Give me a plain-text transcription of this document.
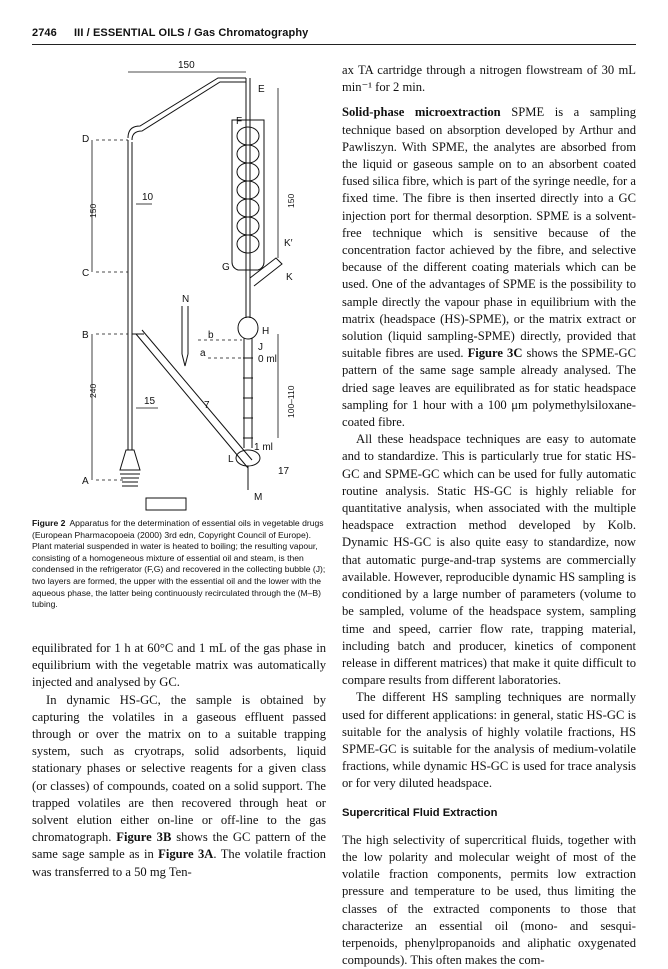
2746 III / ESSENTIAL OILS / Gas Chromatography
150
E
F
D
C
B
A
10
15	7
G
K′
K
N
H
J
b
a
0 ml
1 ml
L
17
M
150
240
150
100–110
Figure 2 Apparatus for the determination of essential oils in vegetable drugs (European Pharmacopoeia (2000) 3rd edn, Copyright Council of Europe). Plant material suspended in water is heated to boiling; the resulting vapour, consisting of a homogeneous mixture of essential oil and steam, is then condensed in the refrigerator (F,G) and recovered in the collecting bubble (J); two layers are formed, the upper with the essential oil and the lower with the aqueous phase, the latter being continuously recirculated through the (M–B) tubing.

equilibrated for 1 h at 60°C and 1 mL of the gas phase in equilibrium with the vegetable matrix was automatically injected and analysed by GC.

In dynamic HS-GC, the sample is obtained by capturing the volatiles in a gaseous effluent passed through or over the matrix on to a suitable trapping system, such as cryotraps, solid adsorbents, liquid stationary phases or selective reagents for a given class (or classes) of compounds, coated on a solid support. The trapped volatiles are then recovered through heat or solvent elution either on-line or off-line to the gas chromatograph. Figure 3B shows the GC pattern of the same sage sample as in Figure 3A. The volatile fraction was transferred to a 50 mg Ten-

ax TA cartridge through a nitrogen flowstream of 30 mL min⁻¹ for 2 min.

Solid-phase microextraction SPME is a sampling technique based on absorption developed by Arthur and Pawliszyn. With SPME, the analytes are absorbed from the liquid or gaseous sample on to an absorbent coated fused silica fibre, which is part of the syringe needle, for a fixed time. The fibre is then inserted directly into a GC injection port for thermal desorption. SPME is a solvent-free technique which is sensitive because of the concentration factor achieved by the fibre, and selective because of the different coating materials which can be used. One of the advantages of SPME is the possibility to sample directly the vapour phase in equilibrium with the matrix (headspace (HS)-SPME), or the matrix extract or solution (liquid sampling-SPME) directly, provided that suitable fibres are used. Figure 3C shows the SPME-GC pattern of the same sage sample already analysed. The dried sage leaves are equilibrated as for static headspace sampling for 1 hour with a 100 μm polymethylsiloxane-coated fibre.

All these headspace techniques are easy to automate and to standardize. This is particularly true for static HS-GC and SPME-GC which can be used for fully automatic routine analysis. Static HS-GC is highly reliable for quantitative analysis, when associated with the multiple headspace extraction method developed by Kolb. Dynamic HS-GC is also quite easy to standardize, now that automatic purge-and-trap systems are commercially available. However, reproducible dynamic HS sampling is conditioned by a large number of parameters (volume to be sampled, volume of the headspace system, sampling time and speed, carrier flow rate, trapping material, including batch and producer, kinetics of component release in different matrices) that make it quite difficult to compare results from different laboratories.

The different HS sampling techniques are normally used for different applications: in general, static HS-GC is suitable for the analysis of highly volatile fractions, HS SPME-GC is suitable for the analysis of medium-volatile fractions, while dynamic HS-GC is used for trace analysis or for very diluted headspace.

Supercritical Fluid Extraction

The high selectivity of supercritical fluids, together with the low polarity and molecular weight of most of the volatile fraction components, permits low extraction pressure and temperature to be used, thus limiting the classes of the extracted components to those that characterize an essential oil (mono- and sesqui-terpenoids, phenylpropanoids and aliphatic oxygenated compounds). This often makes the com-
